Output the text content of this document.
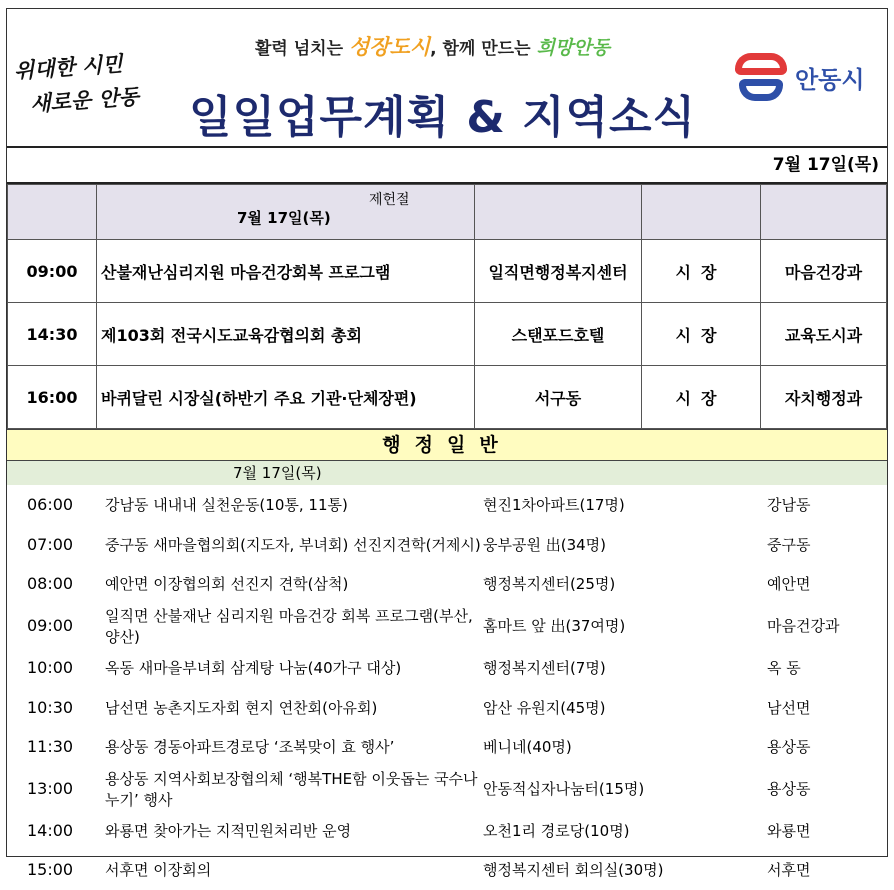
위대한 시민
새로운 안동
활력 넘치는 성장도시, 함께 만드는 희망안동
일일업무계획 & 지역소식
안동시
7월 17일(목)

	7월 17일(목)
제헌절			

09:00	산불재난심리지원 마음건강회복 프로그램	일직면행정복지센터	시장	마음건강과
14:30	제103회 전국시도교육감협의회 총회	스탠포드호텔	시장	교육도시과
16:00	바퀴달린 시장실(하반기 주요 기관·단체장편)	서구동	시장	자치행정과
행정일반
7월 17일(목)
06:00	강남동 내내내 실천운동(10통, 11통)	현진1차아파트(17명)	강남동
07:00	중구동 새마을협의회(지도자, 부녀회) 선진지견학(거제시)	웅부공원 出(34명)	중구동
08:00	예안면 이장협의회 선진지 견학(삼척)	행정복지센터(25명)	예안면
09:00	일직면 산불재난 심리지원 마음건강 회복 프로그램(부산, 양산)	홈마트 앞 出(37여명)	마음건강과
10:00	옥동 새마을부녀회 삼계탕 나눔(40가구 대상)	행정복지센터(7명)	옥 동
10:30	남선면 농촌지도자회 현지 연찬회(아유회)	암산 유원지(45명)	남선면
11:30	용상동 경동아파트경로당 ‘조복맞이 효 행사’	베니네(40명)	용상동
13:00	용상동 지역사회보장협의체 ‘행복THE함 이웃돕는 국수나누기’ 행사	안동적십자나눔터(15명)	용상동
14:00	와룡면 찾아가는 지적민원처리반 운영	오천1리 경로당(10명)	와룡면
15:00	서후면 이장회의	행정복지센터 회의실(30명)	서후면
